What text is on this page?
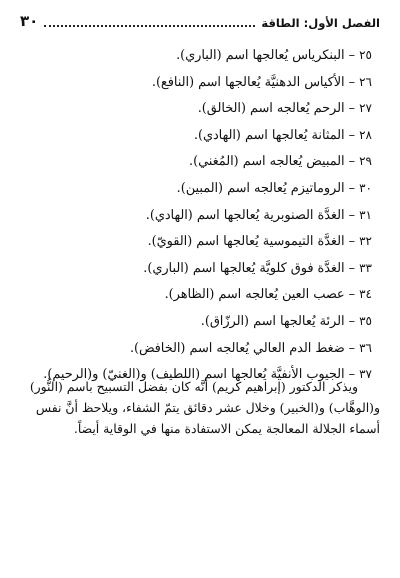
الفصل الأول: الطاقة
٣٠
٢٥ – البنكرياس يُعالجها اسم (الباري).
٢٦ – الأكياس الدهنيَّة يُعالجها اسم (النافع).
٢٧ – الرحم يُعالجه اسم (الخالق).
٢٨ – المثانة يُعالجها اسم (الهادي).
٢٩ – المبيض يُعالجه اسم (المُغني).
٣٠ – الروماتيزم يُعالجه اسم (المبين).
٣١ – الغدَّة الصنوبرية يُعالجها اسم (الهادي).
٣٢ – الغدَّة التيموسية يُعالجها اسم (القويّ).
٣٣ – الغدَّة فوق كلويَّة يُعالجها اسم (الباري).
٣٤ – عصب العين يُعالجه اسم (الظاهر).
٣٥ – الرئة يُعالجها اسم (الرزّاق).
٣٦ – ضغط الدم العالي يُعالجه اسم (الخافض).
٣٧ – الجيوب الأنفيَّة يُعالجها اسم (اللطيف) و(الغنيّ) و(الرحيم).
ويذكر الدكتور (إبراهيم كريم) أنَّه كان بفضل التسبيح باسم (النُّور)
و(الوهَّاب) و(الخبير) وخلال عشر دقائق يتمّ الشفاء، ويلاحظ أنَّ نفس
أسماء الجلالة المعالجة يمكن الاستفادة منها في الوقاية أيضاً.
